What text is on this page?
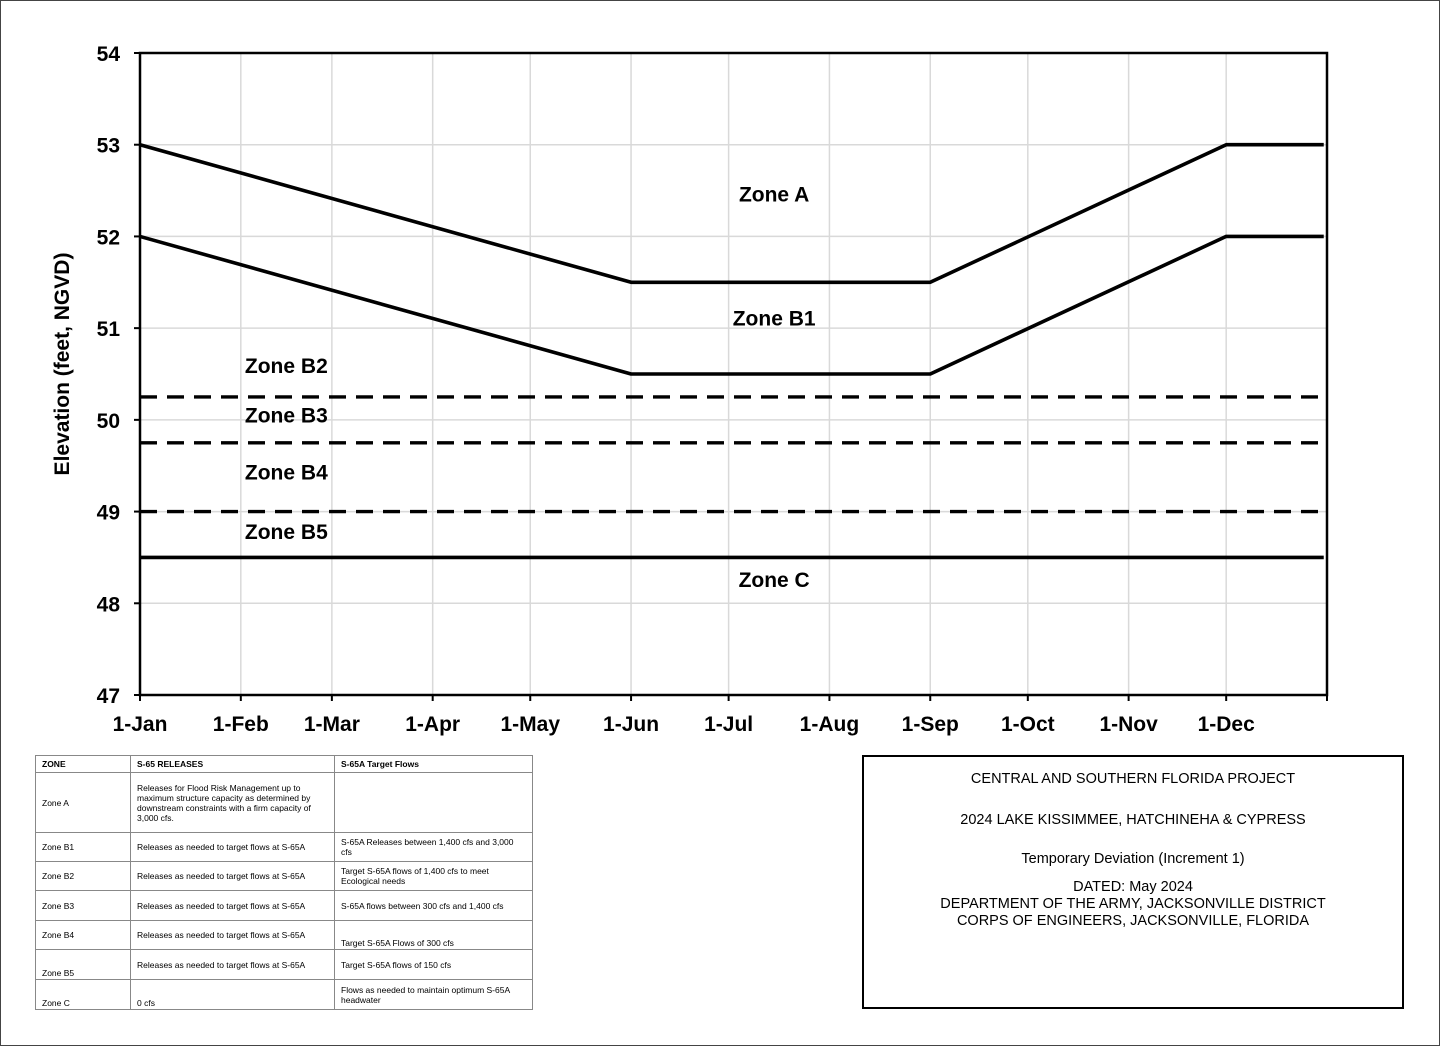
47
48
49
50
51
52
53
54
1-Jan 1-Feb 1-Mar 1-Apr 1-May 1-Jun 1-Jul 1-Aug 1-Sep 1-Oct 1-Nov 1-Dec
Zone A
Zone B1
Zone B2
Zone B3
Zone B4
Zone B5
Zone C
Elevation (feet, NGVD)
ZONE	S-65 RELEASES	S-65A Target Flows
Zone A	Releases for Flood Risk Management up to maximum structure capacity as determined by downstream constraints with a firm capacity of 3,000 cfs.	
Zone B1	Releases as needed to target flows at S-65A	S-65A Releases between 1,400 cfs and 3,000 cfs
Zone B2	Releases as needed to target flows at S-65A	Target S-65A flows of 1,400 cfs to meet Ecological needs
Zone B3	Releases as needed to target flows at S-65A	S-65A flows between 300 cfs and 1,400 cfs
Zone B4	Releases as needed to target flows at S-65A	Target S-65A Flows of 300 cfs
Zone B5	Releases as needed to target flows at S-65A	Target S-65A flows of 150 cfs
Zone C	0 cfs	Flows as needed to maintain optimum S-65A headwater
CENTRAL AND SOUTHERN FLORIDA PROJECT
2024 LAKE KISSIMMEE, HATCHINEHA & CYPRESS
Temporary Deviation (Increment 1)
DATED: May 2024
DEPARTMENT OF THE ARMY, JACKSONVILLE DISTRICT
CORPS OF ENGINEERS, JACKSONVILLE, FLORIDA
